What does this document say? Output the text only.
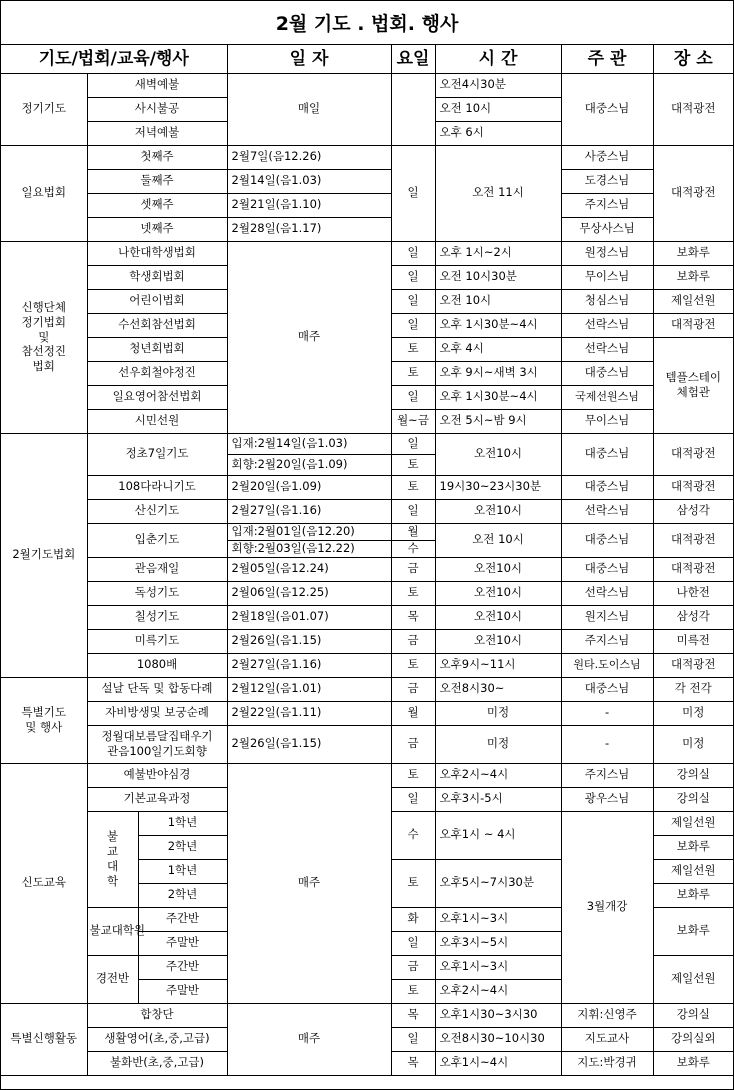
2월 기도 . 법회. 행사
기도/법회/교육/행사			일 자	요일	시 간	주 관	장 소
정기기도	새벽예불		매일		오전4시30분	대중스님	대적광전
	사시불공				오전 10시		
	저녁예불				오후 6시		
일요법회	첫째주		2월7일(음12.26)	일	오전 11시	사중스님	대적광전
	둘째주		2월14일(음1.03)			도경스님	
	셋째주		2월21일(음1.10)			주지스님	
	넷째주		2월28일(음1.17)			무상사스님	
신행단체
정기법회
및
참선정진
법회	나한대학생법회		매주	일	오후 1시~2시	원정스님	보화루
	학생회법회			일	오전 10시30분	무이스님	보화루
	어린이법회			일	오전 10시	청심스님	제일선원
	수선회참선법회			일	오후 1시30분~4시	선락스님	대적광전
	청년회법회			토	오후 4시	선락스님	템플스테이
체험관
	선우회철야정진			토	오후 9시~새벽 3시	대중스님	
	일요영어참선법회			일	오후 1시30분~4시	국제선원스님	
	시민선원			월~금	오전 5시~밤 9시	무이스님	
2월기도법회	정초7일기도		입재:2월14일(음1.03)	일	오전10시	대중스님	대적광전
			회향:2월20일(음1.09)	토			
	108다라니기도		2월20일(음1.09)	토	19시30~23시30분	대중스님	대적광전
	산신기도		2월27일(음1.16)	일	오전10시	선락스님	삼성각
	입춘기도		입재:2월01일(음12.20)	월	오전 10시	대중스님	대적광전
			회향:2월03일(음12.22)	수			
	관음재일		2월05일(음12.24)	금	오전10시	대중스님	대적광전
	독성기도		2월06일(음12.25)	토	오전10시	선락스님	나한전
	칠성기도		2월18일(음01.07)	목	오전10시	원지스님	삼성각
	미륵기도		2월26일(음1.15)	금	오전10시	주지스님	미륵전
	1080배		2월27일(음1.16)	토	오후9시~11시	원타.도이스님	대적광전
특별기도
및 행사	설날 단독 및 합동다례		2월12일(음1.01)	금	오전8시30~	대중스님	각 전각
	자비방생및 보궁순례		2월22일(음1.11)	월	미정	-	미정
	정월대보름달집태우기
관음100일기도회향		2월26일(음1.15)	금	미정	-	미정
신도교육	예불반야심경		매주	토	오후2시~4시	주지스님	강의실
	기본교육과정			일	오후3시-5시	광우스님	강의실
	불
교
대
학	1학년		수	오후1시 ~ 4시	3월개강	제일선원
		2학년					보화루
		1학년		토	오후5시~7시30분		제일선원
		2학년					보화루
	불교대학원	주간반		화	오후1시~3시		보화루
		주말반		일	오후3시~5시		
	경전반	주간반		금	오후1시~3시		제일선원
		주말반		토	오후2시~4시		
특별신행활동	합창단		매주	목	오후1시30~3시30	지휘:신영주	강의실
	생활영어(초,중,고급)			일	오전8시30~10시30	지도교사	강의실외
	불화반(초,중,고급)			목	오후1시~4시	지도:박경귀	보화루
